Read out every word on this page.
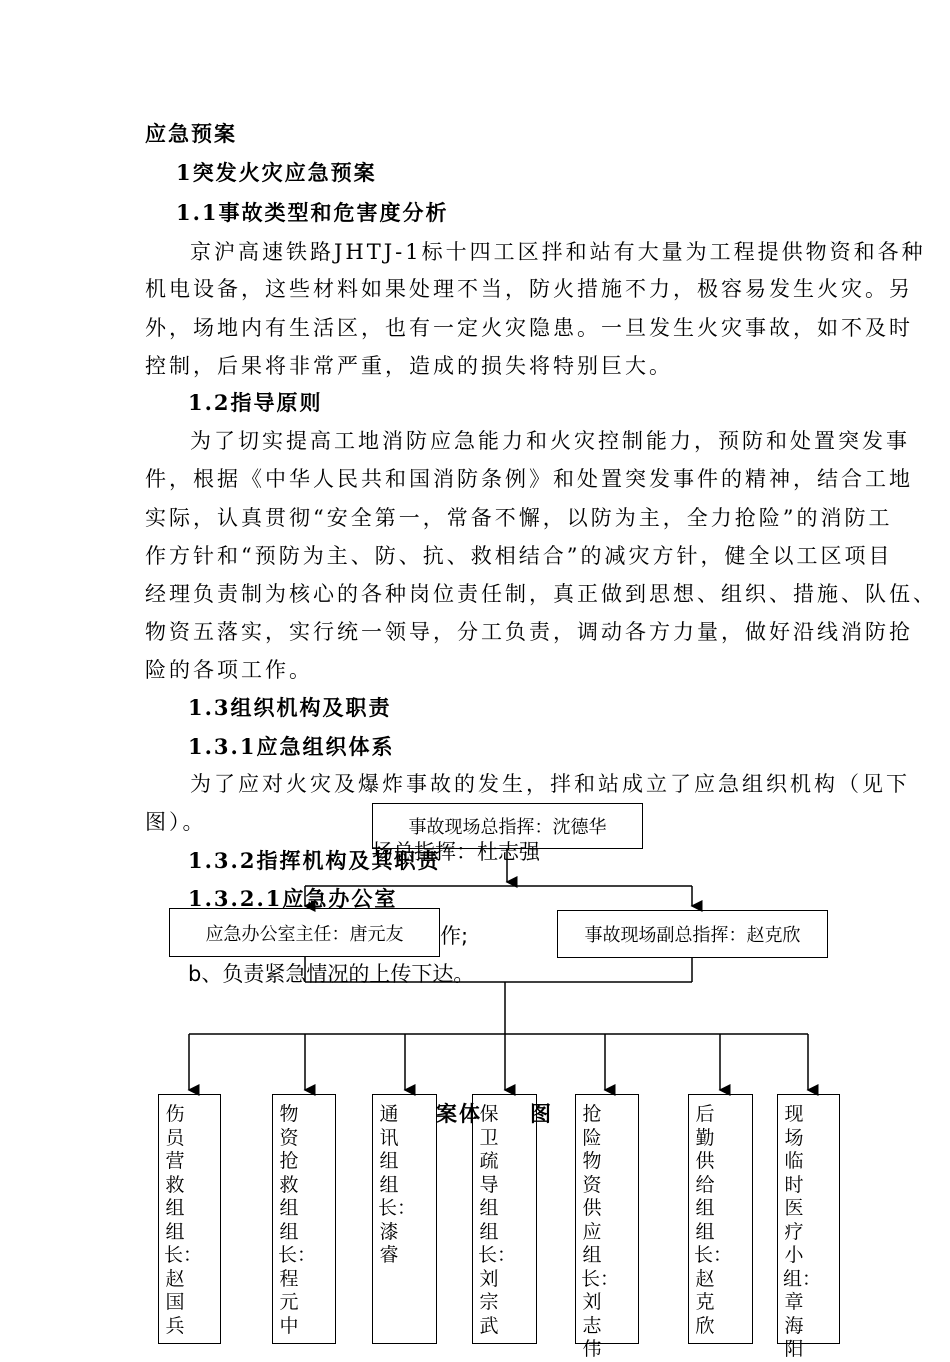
应急预案
1突发火灾应急预案
1.1事故类型和危害度分析
京沪高速铁路JHTJ-1标十四工区拌和站有大量为工程提供物资和各种
机电设备，这些材料如果处理不当，防火措施不力，极容易发生火灾。另
外，场地内有生活区，也有一定火灾隐患。一旦发生火灾事故，如不及时
控制，后果将非常严重，造成的损失将特别巨大。
1.2指导原则
为了切实提高工地消防应急能力和火灾控制能力，预防和处置突发事
件，根据《中华人民共和国消防条例》和处置突发事件的精神，结合工地
实际，认真贯彻“安全第一，常备不懈，以防为主，全力抢险”的消防工
作方针和“预防为主、防、抗、救相结合”的减灾方针，健全以工区项目
经理负责制为核心的各种岗位责任制，真正做到思想、组织、措施、队伍、
物资五落实，实行统一领导，分工负责，调动各方力量，做好沿线消防抢
险的各项工作。
1.3组织机构及职责
1.3.1应急组织体系
为了应对火灾及爆炸事故的发生，拌和站成立了应急组织机构（见下
图）。
1.3.2指挥机构及其职责
1.3.2.1应急办公室
场总指挥：杜志强
作;
b、负责紧急情况的上传下达。
案体 图
事故现场总指挥：沈德华
应急办公室主任：唐元友	事故现场副总指挥：赵克欣
伤员营救组组长：赵国兵
物资抢救组组长：程元中
通讯组组长：漆睿
保卫疏导组组长：刘宗武
抢险物资供应组长：刘志伟
后勤供给组组长：赵克欣
现场临时医疗小组：章海阳
